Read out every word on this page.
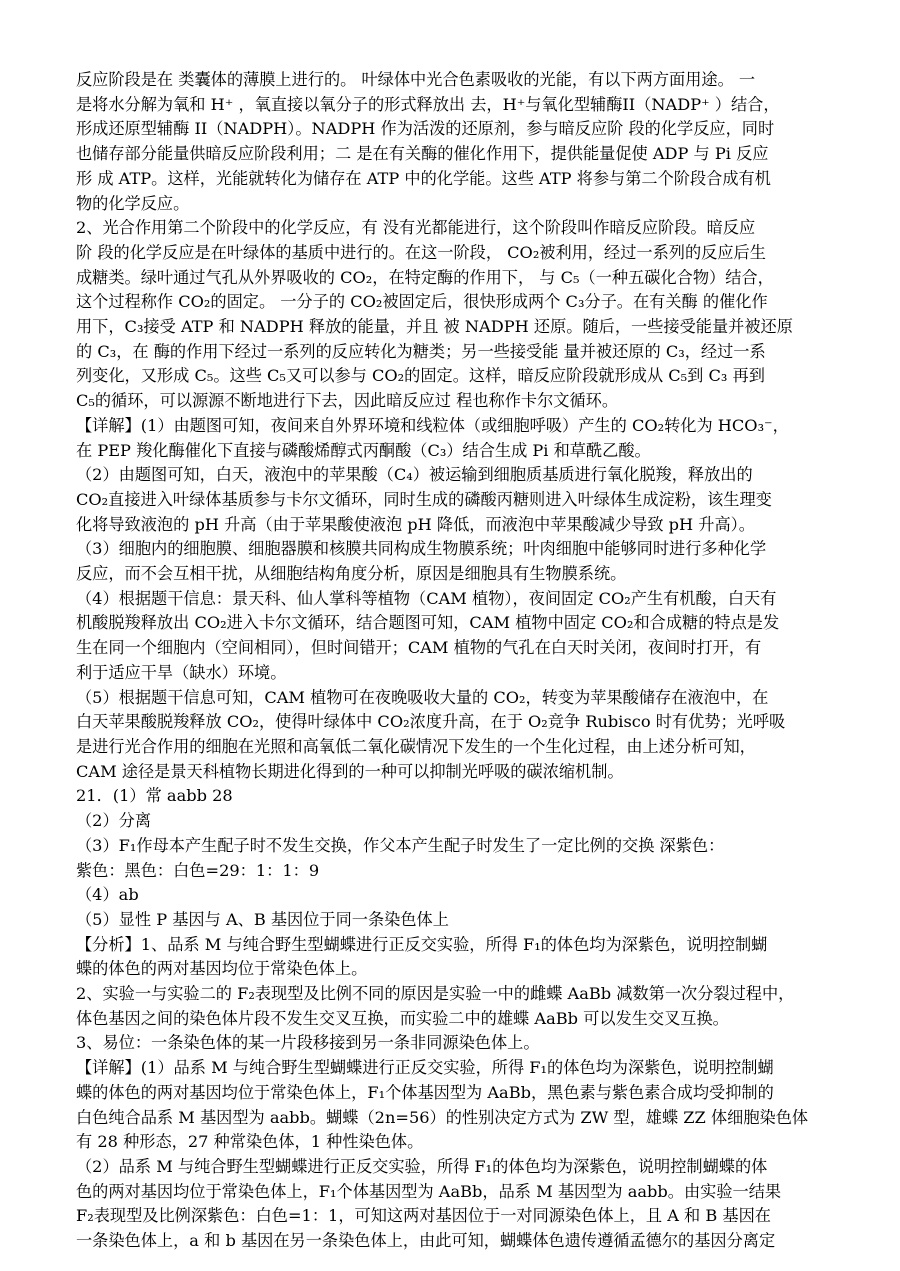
反应阶段是在 类囊体的薄膜上进行的。 叶绿体中光合色素吸收的光能，有以下两方面用途。 一
是将水分解为氧和 H⁺ ，氧直接以氧分子的形式释放出 去，H⁺与氧化型辅酶II（NADP⁺ ）结合，
形成还原型辅酶 II（NADPH）。NADPH 作为活泼的还原剂，参与暗反应阶 段的化学反应，同时
也储存部分能量供暗反应阶段利用；二 是在有关酶的催化作用下，提供能量促使 ADP 与 Pi 反应
形 成 ATP。这样，光能就转化为储存在 ATP 中的化学能。这些 ATP 将参与第二个阶段合成有机
物的化学反应。
2、光合作用第二个阶段中的化学反应，有 没有光都能进行，这个阶段叫作暗反应阶段。暗反应
阶 段的化学反应是在叶绿体的基质中进行的。在这一阶段， CO₂被利用，经过一系列的反应后生
成糖类。绿叶通过气孔从外界吸收的 CO₂，在特定酶的作用下， 与 C₅（一种五碳化合物）结合，
这个过程称作 CO₂的固定。 一分子的 CO₂被固定后，很快形成两个 C₃分子。在有关酶 的催化作
用下，C₃接受 ATP 和 NADPH 释放的能量，并且 被 NADPH 还原。随后，一些接受能量并被还原
的 C₃，在 酶的作用下经过一系列的反应转化为糖类；另一些接受能 量并被还原的 C₃，经过一系
列变化，又形成 C₅。这些 C₅又可以参与 CO₂的固定。这样，暗反应阶段就形成从 C₅到 C₃ 再到
C₅的循环，可以源源不断地进行下去，因此暗反应过 程也称作卡尔文循环。
【详解】(1）由题图可知，夜间来自外界环境和线粒体（或细胞呼吸）产生的 CO₂转化为 HCO₃⁻，
在 PEP 羧化酶催化下直接与磷酸烯醇式丙酮酸（C₃）结合生成 Pi 和草酰乙酸。
（2）由题图可知，白天，液泡中的苹果酸（C₄）被运输到细胞质基质进行氧化脱羧，释放出的
CO₂直接进入叶绿体基质参与卡尔文循环，同时生成的磷酸丙糖则进入叶绿体生成淀粉，该生理变
化将导致液泡的 pH 升高（由于苹果酸使液泡 pH 降低，而液泡中苹果酸减少导致 pH 升高）。
（3）细胞内的细胞膜、细胞器膜和核膜共同构成生物膜系统；叶肉细胞中能够同时进行多种化学
反应，而不会互相干扰，从细胞结构角度分析，原因是细胞具有生物膜系统。
（4）根据题干信息：景天科、仙人掌科等植物（CAM 植物），夜间固定 CO₂产生有机酸，白天有
机酸脱羧释放出 CO₂进入卡尔文循环，结合题图可知，CAM 植物中固定 CO₂和合成糖的特点是发
生在同一个细胞内（空间相同），但时间错开；CAM 植物的气孔在白天时关闭，夜间时打开，有
利于适应干旱（缺水）环境。
（5）根据题干信息可知，CAM 植物可在夜晚吸收大量的 CO₂，转变为苹果酸储存在液泡中，在
白天苹果酸脱羧释放 CO₂，使得叶绿体中 CO₂浓度升高，在于 O₂竞争 Rubisco 时有优势；光呼吸
是进行光合作用的细胞在光照和高氧低二氧化碳情况下发生的一个生化过程，由上述分析可知，
CAM 途径是景天科植物长期进化得到的一种可以抑制光呼吸的碳浓缩机制。
21．(1）常 aabb 28
（2）分离
（3）F₁作母本产生配子时不发生交换，作父本产生配子时发生了一定比例的交换 深紫色：
紫色：黑色：白色=29：1：1：9
（4）ab
（5）显性 P 基因与 A、B 基因位于同一条染色体上
【分析】1、品系 M 与纯合野生型蝴蝶进行正反交实验，所得 F₁的体色均为深紫色，说明控制蝴
蝶的体色的两对基因均位于常染色体上。
2、实验一与实验二的 F₂表现型及比例不同的原因是实验一中的雌蝶 AaBb 减数第一次分裂过程中，
体色基因之间的染色体片段不发生交叉互换，而实验二中的雄蝶 AaBb 可以发生交叉互换。
3、易位：一条染色体的某一片段移接到另一条非同源染色体上。
【详解】(1）品系 M 与纯合野生型蝴蝶进行正反交实验，所得 F₁的体色均为深紫色，说明控制蝴
蝶的体色的两对基因均位于常染色体上，F₁个体基因型为 AaBb，黑色素与紫色素合成均受抑制的
白色纯合品系 M 基因型为 aabb。蝴蝶（2n=56）的性别决定方式为 ZW 型，雄蝶 ZZ 体细胞染色体
有 28 种形态，27 种常染色体，1 种性染色体。
（2）品系 M 与纯合野生型蝴蝶进行正反交实验，所得 F₁的体色均为深紫色，说明控制蝴蝶的体
色的两对基因均位于常染色体上，F₁个体基因型为 AaBb，品系 M 基因型为 aabb。由实验一结果
F₂表现型及比例深紫色：白色=1：1，可知这两对基因位于一对同源染色体上，且 A 和 B 基因在
一条染色体上，a 和 b 基因在另一条染色体上，由此可知，蝴蝶体色遗传遵循孟德尔的基因分离定
